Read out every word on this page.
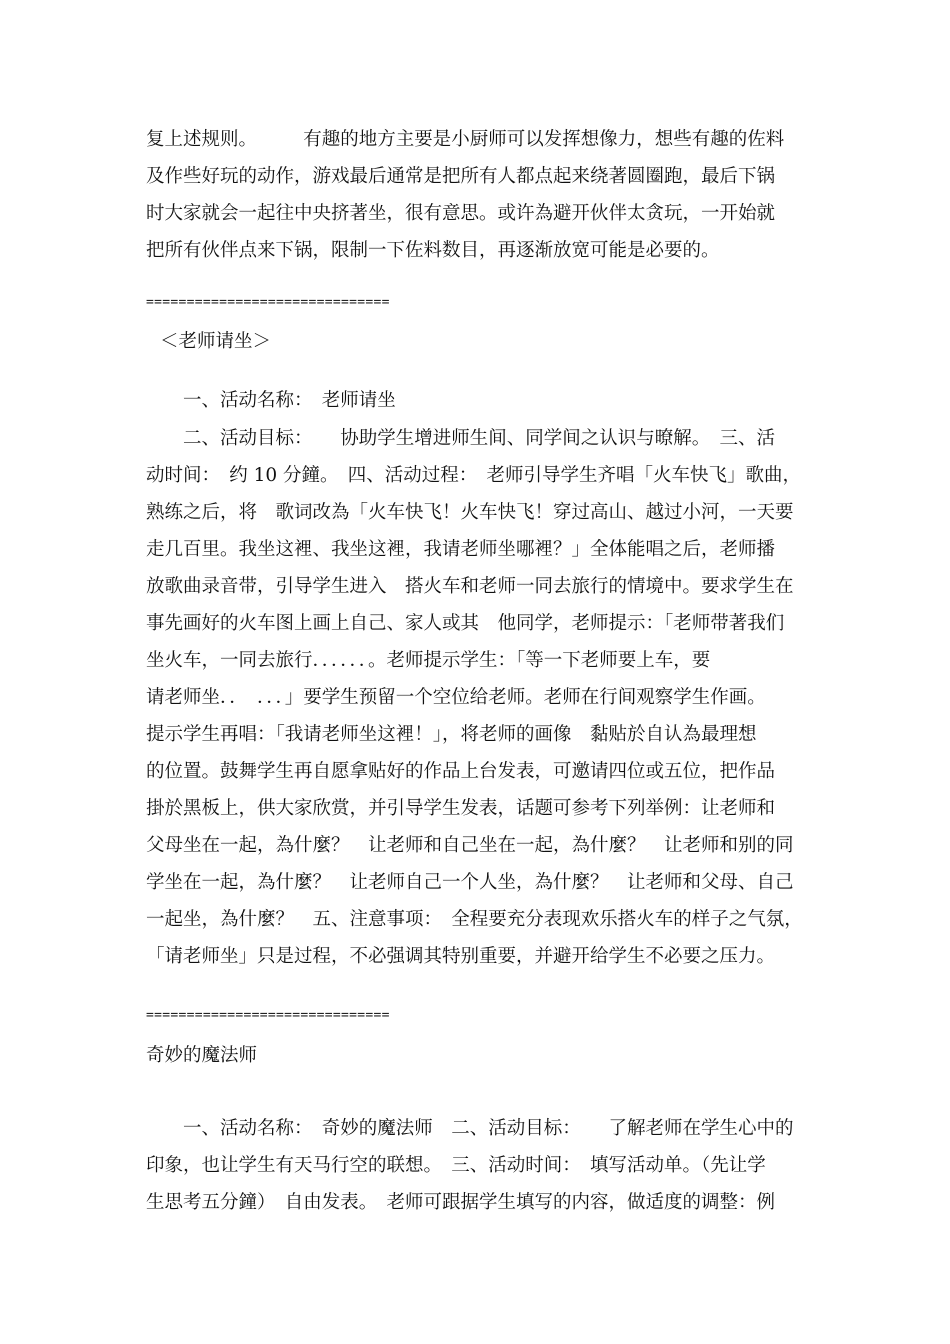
复上述规则。　　　有趣的地方主要是小厨师可以发挥想像力，想些有趣的佐料
及作些好玩的动作，游戏最后通常是把所有人都点起来绕著圆圈跑，最后下锅
时大家就会一起往中央挤著坐，很有意思。或许為避开伙伴太贪玩，一开始就
把所有伙伴点来下锅，限制一下佐料数目，再逐渐放宽可能是必要的。
==============================
＜老师请坐＞
一、活动名称：　老师请坐
　　二、活动目标：　　协助学生增进师生间、同学间之认识与暸解。　三、活
动时间：　约 10 分鐘。　四、活动过程：　老师引导学生齐唱「火车快飞」歌曲，
熟练之后，将　歌词改為「火车快飞！火车快飞！穿过高山、越过小河，一天要
走几百里。我坐这裡、我坐这裡，我请老师坐哪裡？」全体能唱之后，老师播
放歌曲录音带，引导学生进入　搭火车和老师一同去旅行的情境中。要求学生在
事先画好的火车图上画上自己、家人或其　他同学，老师提示：「老师带著我们
坐火车，一同去旅行．．．．．．。老师提示学生：「等一下老师要上车，要
请老师坐．．　．．．」要学生预留一个空位给老师。老师在行间观察学生作画。
提示学生再唱：「我请老师坐这裡！」，将老师的画像　黏贴於自认為最理想
的位置。鼓舞学生再自愿拿贴好的作品上台发表，可邀请四位或五位，把作品
掛於黑板上，供大家欣赏，并引导学生发表，话题可参考下列举例：让老师和
父母坐在一起，為什麼？　让老师和自己坐在一起，為什麼？　让老师和别的同
学坐在一起，為什麼？　让老师自己一个人坐，為什麼？　让老师和父母、自己
一起坐，為什麼？　五、注意事项：　全程要充分表现欢乐搭火车的样子之气氛，
「请老师坐」只是过程，不必强调其特别重要，并避开给学生不必要之压力。
==============================
奇妙的魔法师
　　一、活动名称：　奇妙的魔法师　二、活动目标：　　了解老师在学生心中的
印象，也让学生有天马行空的联想。　三、活动时间：　填写活动单。（先让学
生思考五分鐘）　自由发表。　老师可跟据学生填写的内容，做适度的调整：例
